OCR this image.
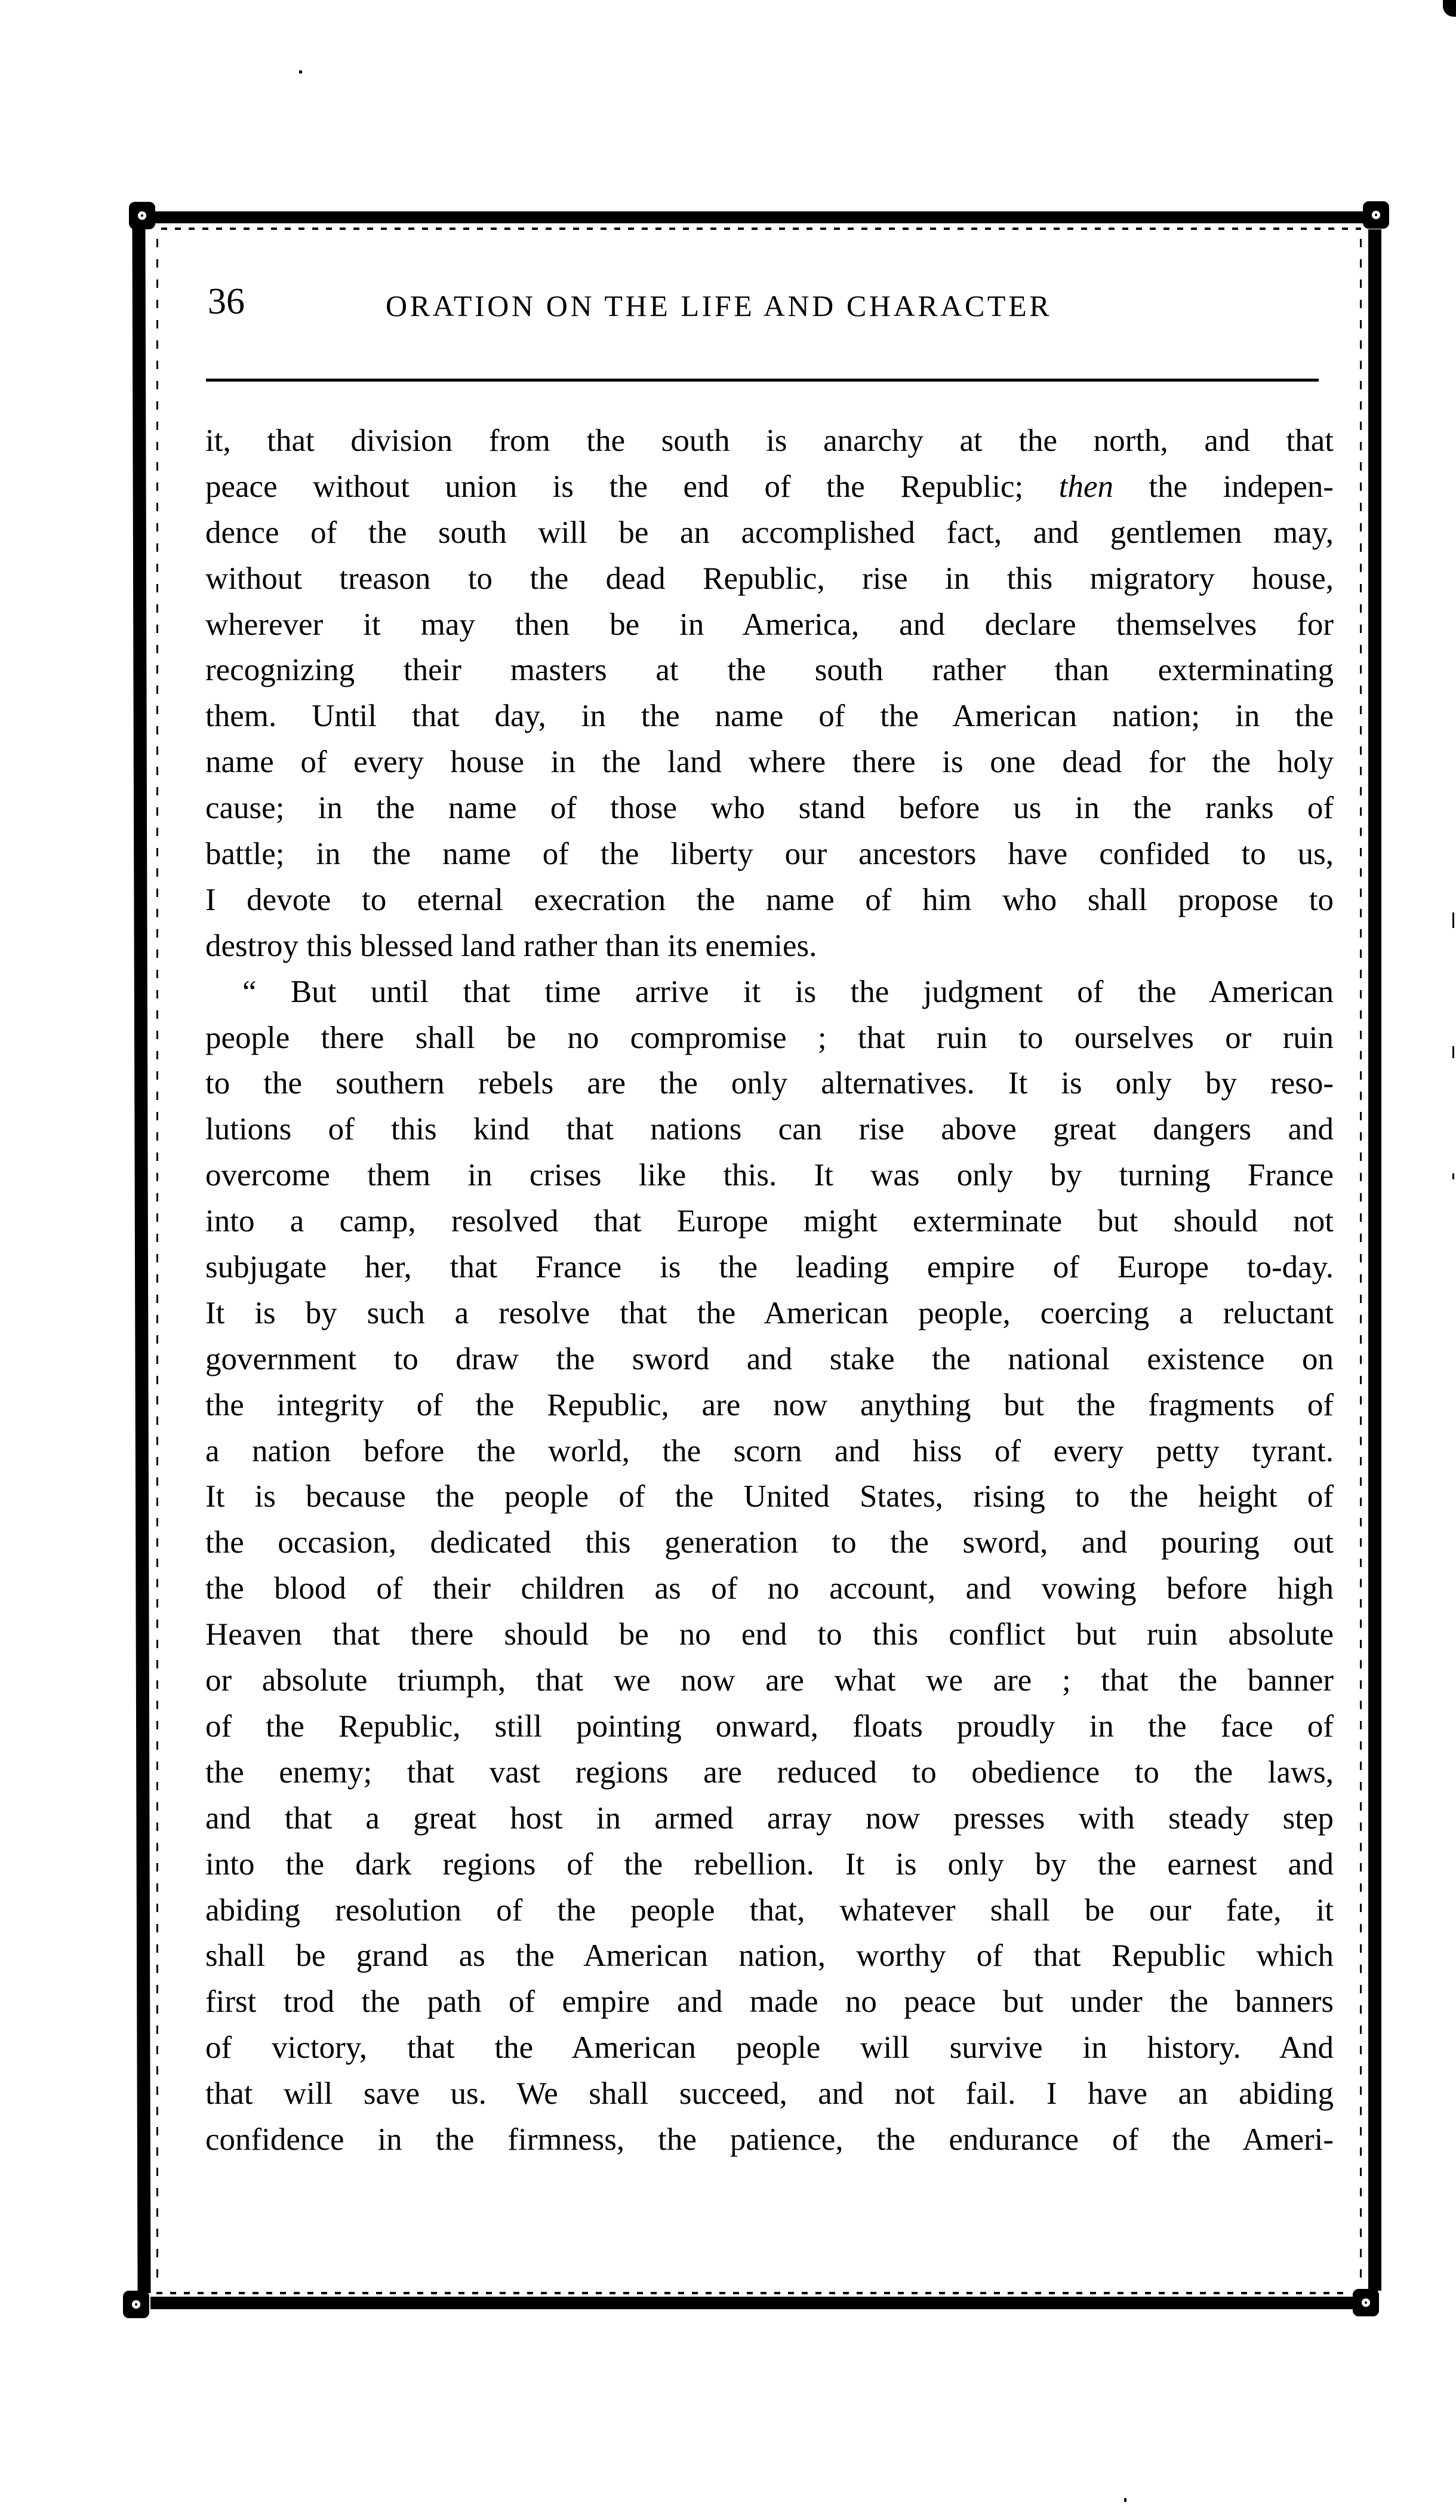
36	ORATION ON THE LIFE AND CHARACTER
it, that division from the south is anarchy at the north, and that
peace without union is the end of the Republic; then the indepen-
dence of the south will be an accomplished fact, and gentlemen may,
without treason to the dead Republic, rise in this migratory house,
wherever it may then be in America, and declare themselves for
recognizing their masters at the south rather than exterminating
them. Until that day, in the name of the American nation; in the
name of every house in the land where there is one dead for the holy
cause; in the name of those who stand before us in the ranks of
battle; in the name of the liberty our ancestors have confided to us,
I devote to eternal execration the name of him who shall propose to
destroy this blessed land rather than its enemies.
“ But until that time arrive it is the judgment of the American
people there shall be no compromise ; that ruin to ourselves or ruin
to the southern rebels are the only alternatives. It is only by reso-
lutions of this kind that nations can rise above great dangers and
overcome them in crises like this. It was only by turning France
into a camp, resolved that Europe might exterminate but should not
subjugate her, that France is the leading empire of Europe to-day.
It is by such a resolve that the American people, coercing a reluctant
government to draw the sword and stake the national existence on
the integrity of the Republic, are now anything but the fragments of
a nation before the world, the scorn and hiss of every petty tyrant.
It is because the people of the United States, rising to the height of
the occasion, dedicated this generation to the sword, and pouring out
the blood of their children as of no account, and vowing before high
Heaven that there should be no end to this conflict but ruin absolute
or absolute triumph, that we now are what we are ; that the banner
of the Republic, still pointing onward, floats proudly in the face of
the enemy; that vast regions are reduced to obedience to the laws,
and that a great host in armed array now presses with steady step
into the dark regions of the rebellion. It is only by the earnest and
abiding resolution of the people that, whatever shall be our fate, it
shall be grand as the American nation, worthy of that Republic which
first trod the path of empire and made no peace but under the banners
of victory, that the American people will survive in history. And
that will save us. We shall succeed, and not fail. I have an abiding
confidence in the firmness, the patience, the endurance of the Ameri-
